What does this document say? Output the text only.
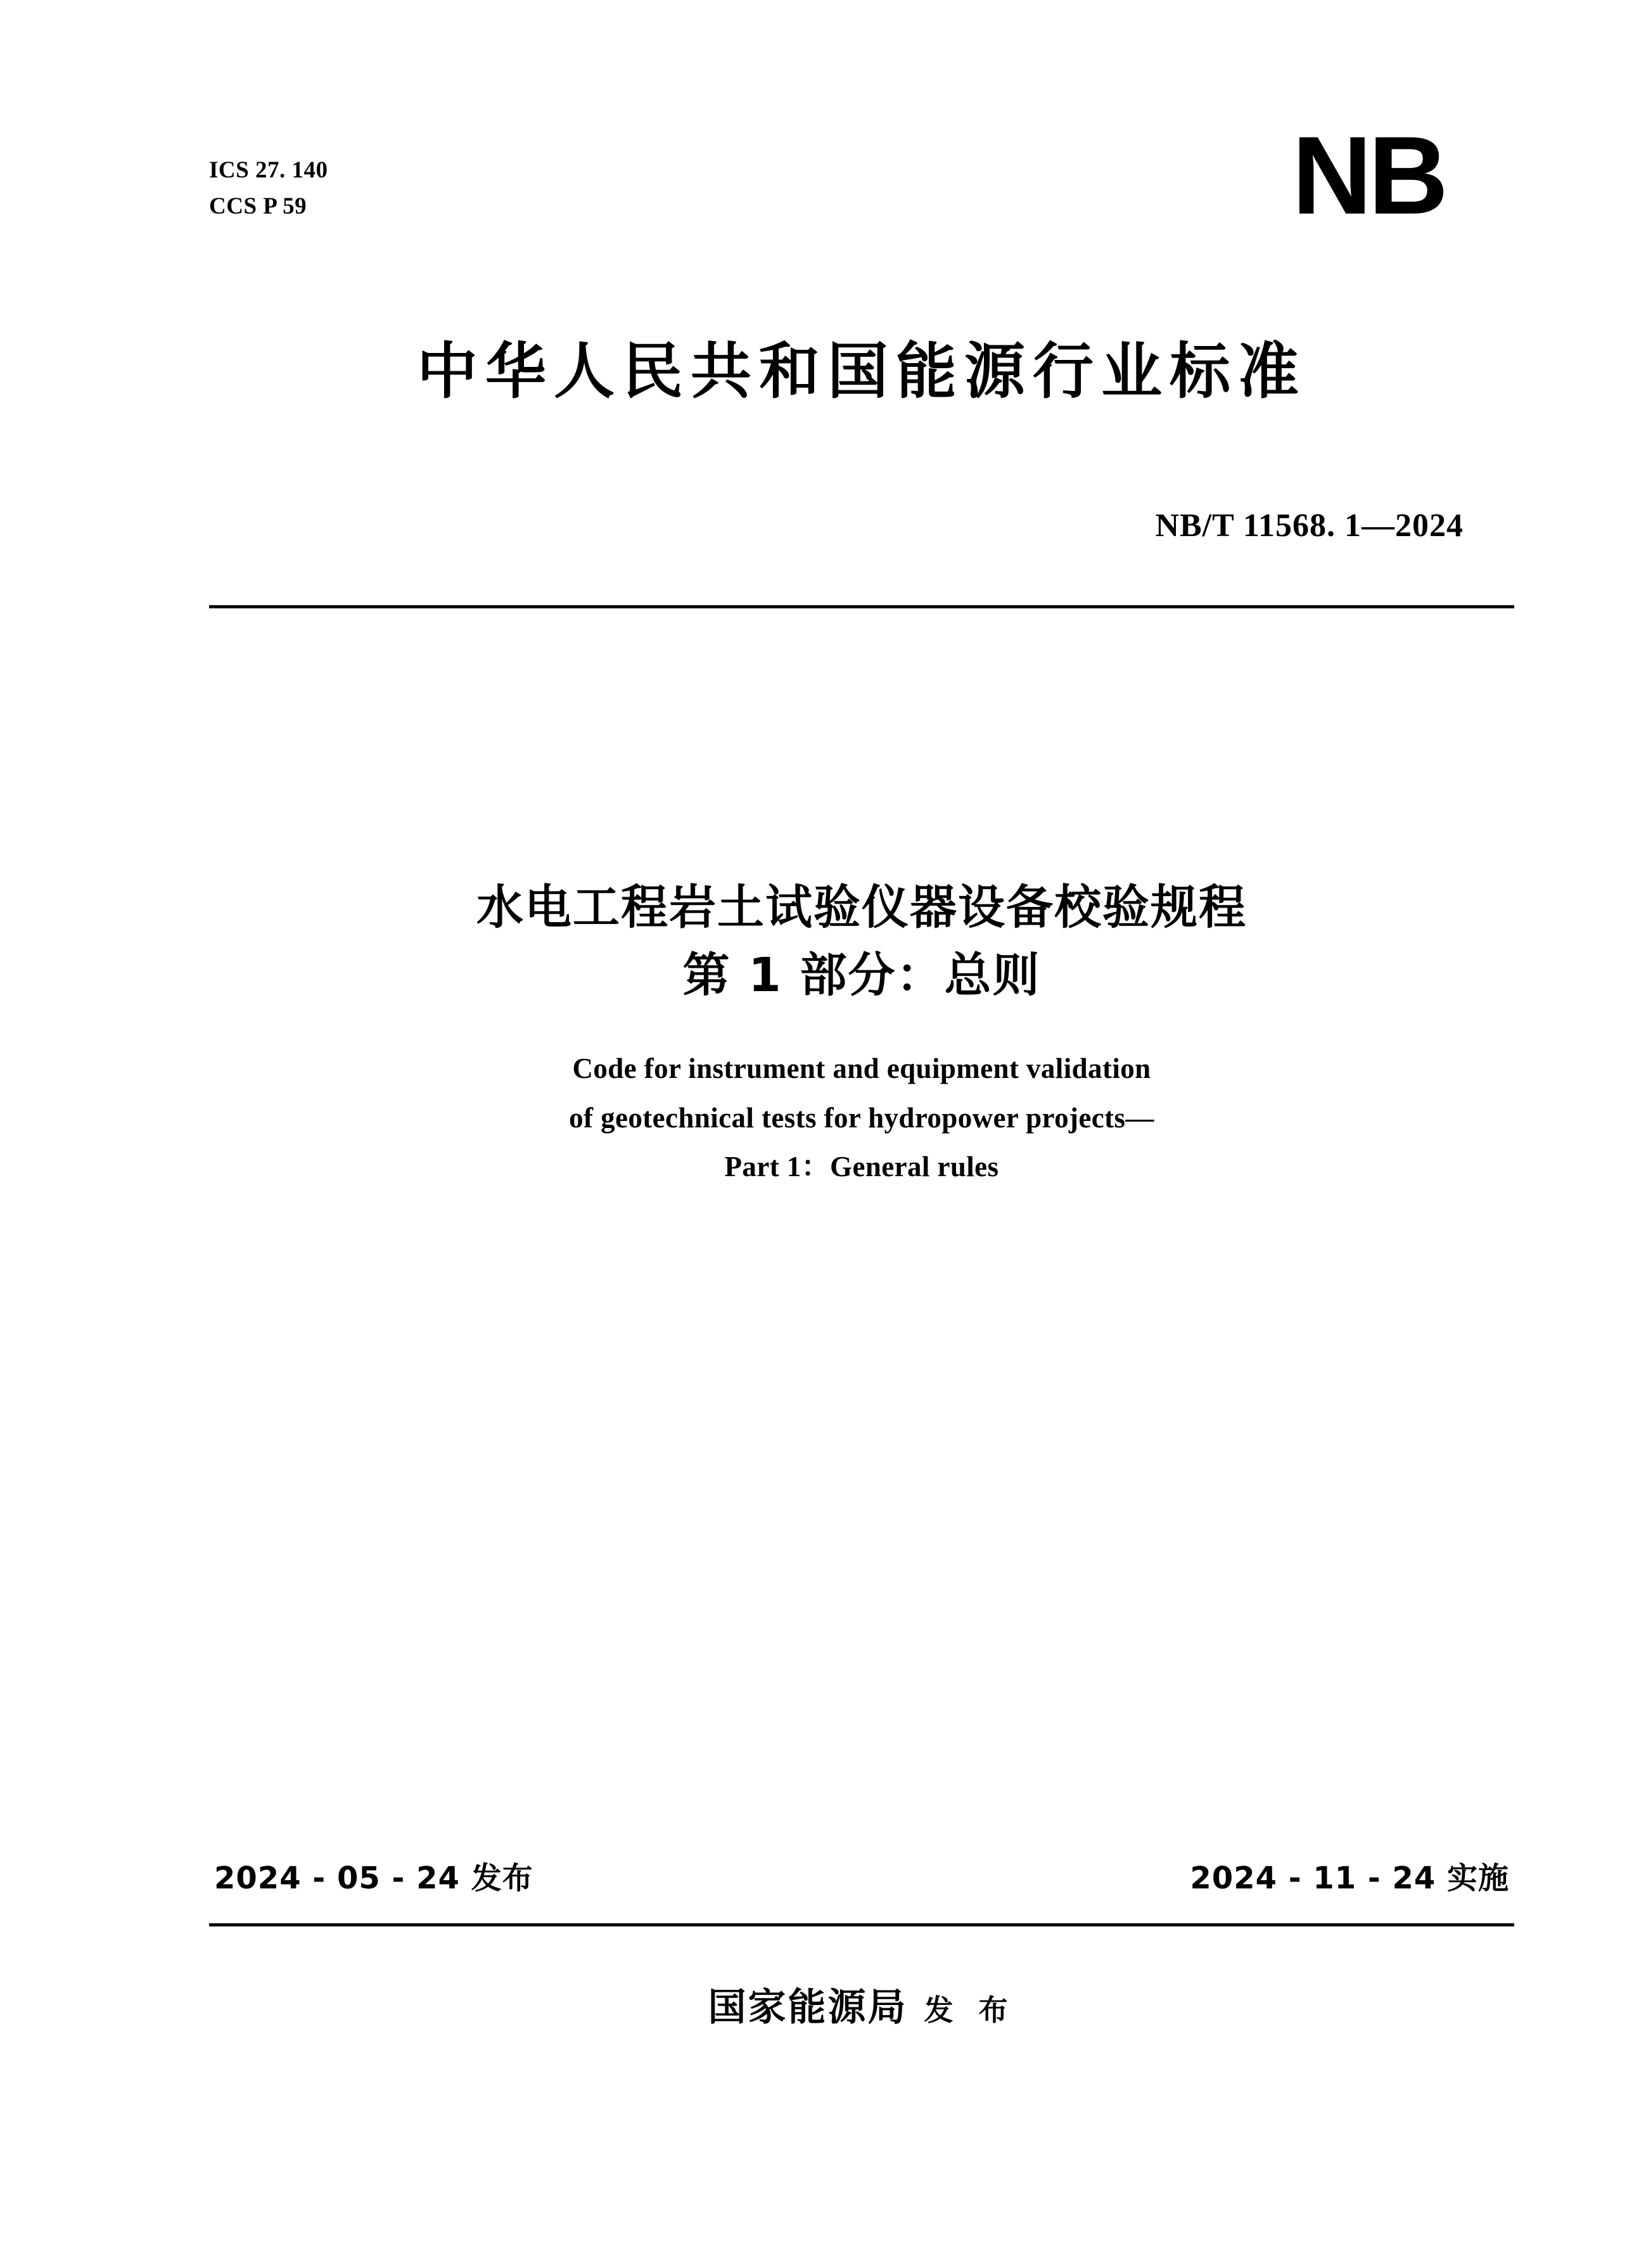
ICS 27. 140
CCS P 59	NB
中华人民共和国能源行业标准
NB/T 11568. 1—2024
水电工程岩土试验仪器设备校验规程
第 1 部分：总则
Code for instrument and equipment validation
of geotechnical tests for hydropower projects—
Part 1：General rules
2024 - 05 - 24 发布	2024 - 11 - 24 实施
国家能源局 发 布
